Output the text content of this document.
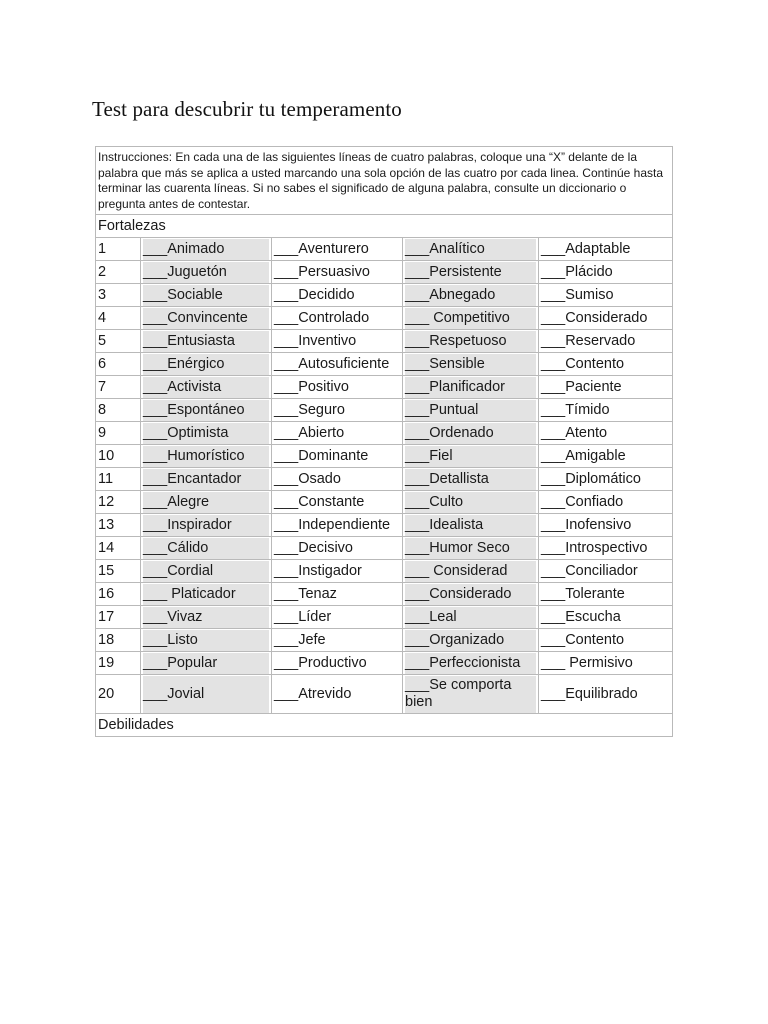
Test para descubrir tu temperamento
Instrucciones: En cada una de las siguientes líneas de cuatro palabras, coloque una “X” delante de la palabra que más se aplica a usted marcando una sola opción de las cuatro por cada linea. Continúe hasta terminar las cuarenta líneas. Si no sabes el significado de alguna palabra, consulte un diccionario o pregunta antes de contestar.				
Fortalezas				
1	___Animado	___Aventurero	___Analítico	___Adaptable
2	___Juguetón	___Persuasivo	___Persistente	___Plácido
3	___Sociable	___Decidido	___Abnegado	___Sumiso
4	___Convincente	___Controlado	___ Competitivo	___Considerado
5	___Entusiasta	___Inventivo	___Respetuoso	___Reservado
6	___Enérgico	___Autosuficiente	___Sensible	___Contento
7	___Activista	___Positivo	___Planificador	___Paciente
8	___Espontáneo	___Seguro	___Puntual	___Tímido
9	___Optimista	___Abierto	___Ordenado	___Atento
10	___Humorístico	___Dominante	___Fiel	___Amigable
11	___Encantador	___Osado	___Detallista	___Diplomático
12	___Alegre	___Constante	___Culto	___Confiado
13	___Inspirador	___Independiente	___Idealista	___Inofensivo
14	___Cálido	___Decisivo	___Humor Seco	___Introspectivo
15	___Cordial	___Instigador	___ Considerad	___Conciliador
16	___ Platicador	___Tenaz	___Considerado	___Tolerante
17	___Vivaz	___Líder	___Leal	___Escucha
18	___Listo	___Jefe	___Organizado	___Contento
19	___Popular	___Productivo	___Perfeccionista	___ Permisivo
20	___Jovial	___Atrevido	___Se comporta bien	___Equilibrado
Debilidades				
